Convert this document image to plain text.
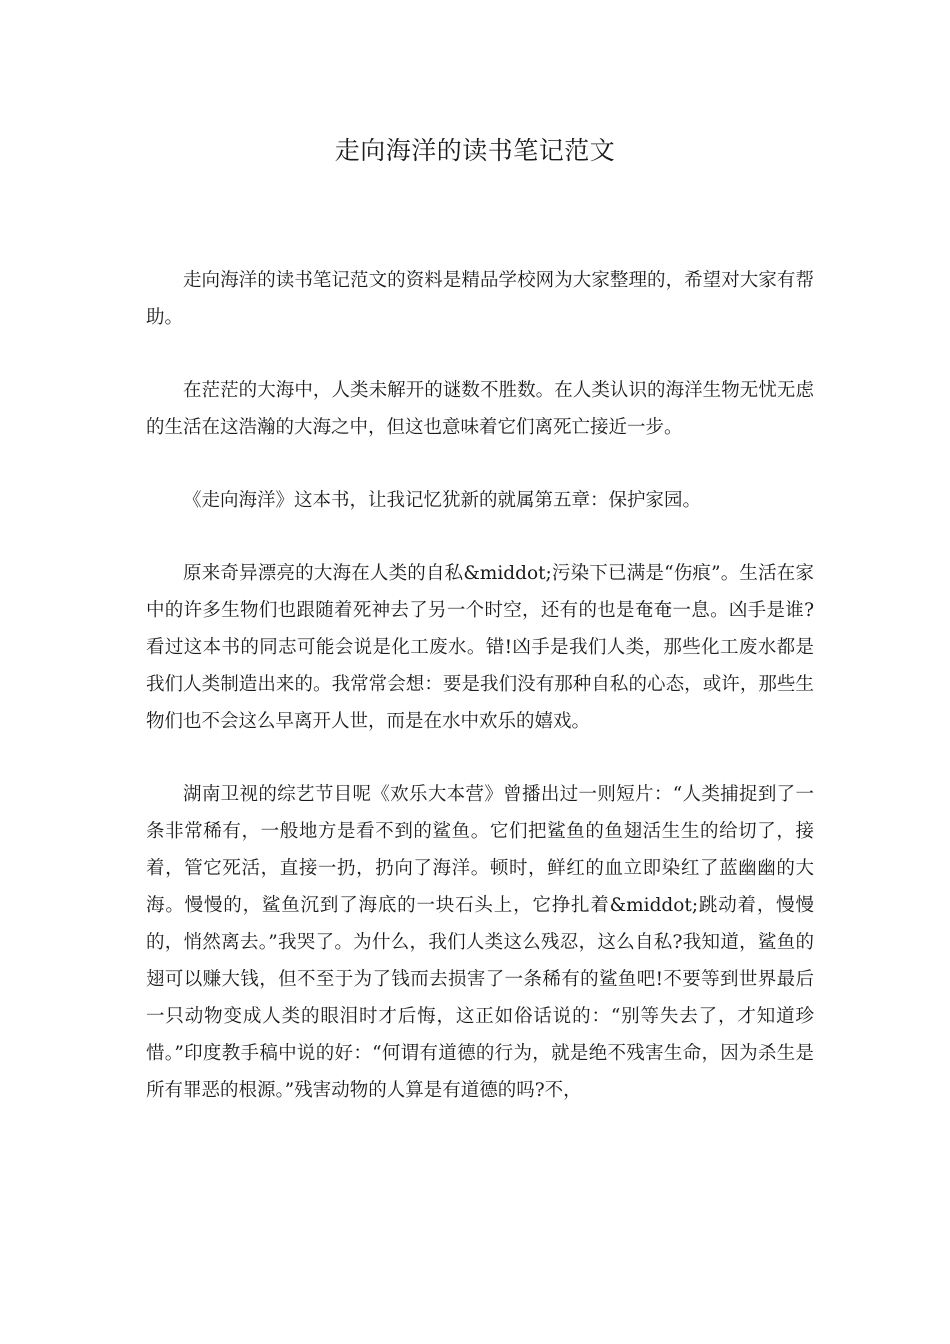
走向海洋的读书笔记范文

走向海洋的读书笔记范文的资料是精品学校网为大家整理的，希望对大家有帮助。

在茫茫的大海中，人类未解开的谜数不胜数。在人类认识的海洋生物无忧无虑的生活在这浩瀚的大海之中，但这也意味着它们离死亡接近一步。

《走向海洋》这本书，让我记忆犹新的就属第五章：保护家园。

原来奇异漂亮的大海在人类的自私&middot;污染下已满是“伤痕”。生活在家中的许多生物们也跟随着死神去了另一个时空，还有的也是奄奄一息。凶手是谁?看过这本书的同志可能会说是化工废水。错!凶手是我们人类，那些化工废水都是我们人类制造出来的。我常常会想：要是我们没有那种自私的心态，或许，那些生物们也不会这么早离开人世，而是在水中欢乐的嬉戏。

湖南卫视的综艺节目呢《欢乐大本营》曾播出过一则短片：“人类捕捉到了一条非常稀有，一般地方是看不到的鲨鱼。它们把鲨鱼的鱼翅活生生的给切了，接着，管它死活，直接一扔，扔向了海洋。顿时，鲜红的血立即染红了蓝幽幽的大海。慢慢的，鲨鱼沉到了海底的一块石头上，它挣扎着&middot;跳动着，慢慢的，悄然离去。”我哭了。为什么，我们人类这么残忍，这么自私?我知道，鲨鱼的翅可以赚大钱，但不至于为了钱而去损害了一条稀有的鲨鱼吧!不要等到世界最后一只动物变成人类的眼泪时才后悔，这正如俗话说的：“别等失去了，才知道珍惜。”印度教手稿中说的好：“何谓有道德的行为，就是绝不残害生命，因为杀生是所有罪恶的根源。”残害动物的人算是有道德的吗?不，
